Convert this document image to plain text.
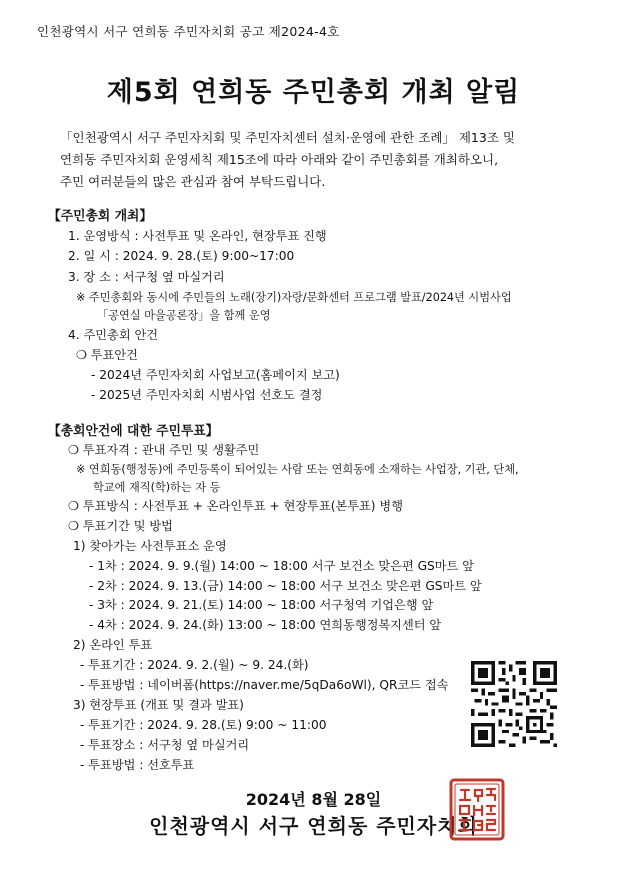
인천광역시 서구 연희동 주민자치회 공고 제2024-4호
제5회 연희동 주민총회 개최 알림
「인천광역시 서구 주민자치회 및 주민자치센터 설치·운영에 관한 조례」 제13조 및
연희동 주민자치회 운영세칙 제15조에 따라 아래와 같이 주민총회를 개최하오니,
주민 여러분들의 많은 관심과 참여 부탁드립니다.
【주민총회 개최】
1. 운영방식 : 사전투표 및 온라인, 현장투표 진행
2. 일 시 : 2024. 9. 28.(토) 9:00~17:00
3. 장 소 : 서구청 옆 마실거리
※ 주민총회와 동시에 주민들의 노래(장기)자랑/문화센터 프로그램 발표/2024년 시범사업
「공연실 마을공론장」을 함께 운영
4. 주민총회 안건
❍ 투표안건
- 2024년 주민자치회 사업보고(홈페이지 보고)
- 2025년 주민자치회 시범사업 선호도 결정
【총회안건에 대한 주민투표】
❍ 투표자격 : 관내 주민 및 생활주민
※ 연희동(행정동)에 주민등록이 되어있는 사람 또는 연희동에 소재하는 사업장, 기관, 단체,
학교에 재직(학)하는 자 등
❍ 투표방식 : 사전투표 + 온라인투표 + 현장투표(본투표) 병행
❍ 투표기간 및 방법
1) 찾아가는 사전투표소 운영
- 1차 : 2024. 9. 9.(월) 14:00 ~ 18:00 서구 보건소 맞은편 GS마트 앞
- 2차 : 2024. 9. 13.(금) 14:00 ~ 18:00 서구 보건소 맞은편 GS마트 앞
- 3차 : 2024. 9. 21.(토) 14:00 ~ 18:00 서구청역 기업은행 앞
- 4차 : 2024. 9. 24.(화) 13:00 ~ 18:00 연희동행정복지센터 앞
2) 온라인 투표
- 투표기간 : 2024. 9. 2.(월) ~ 9. 24.(화)
- 투표방법 : 네이버폼(https://naver.me/5qDa6oWl), QR코드 접속
3) 현장투표 (개표 및 결과 발표)
- 투표기간 : 2024. 9. 28.(토) 9:00 ~ 11:00
- 투표장소 : 서구청 옆 마실거리
- 투표방법 : 선호투표
2024년 8월 28일
인천광역시 서구 연희동 주민자치회
